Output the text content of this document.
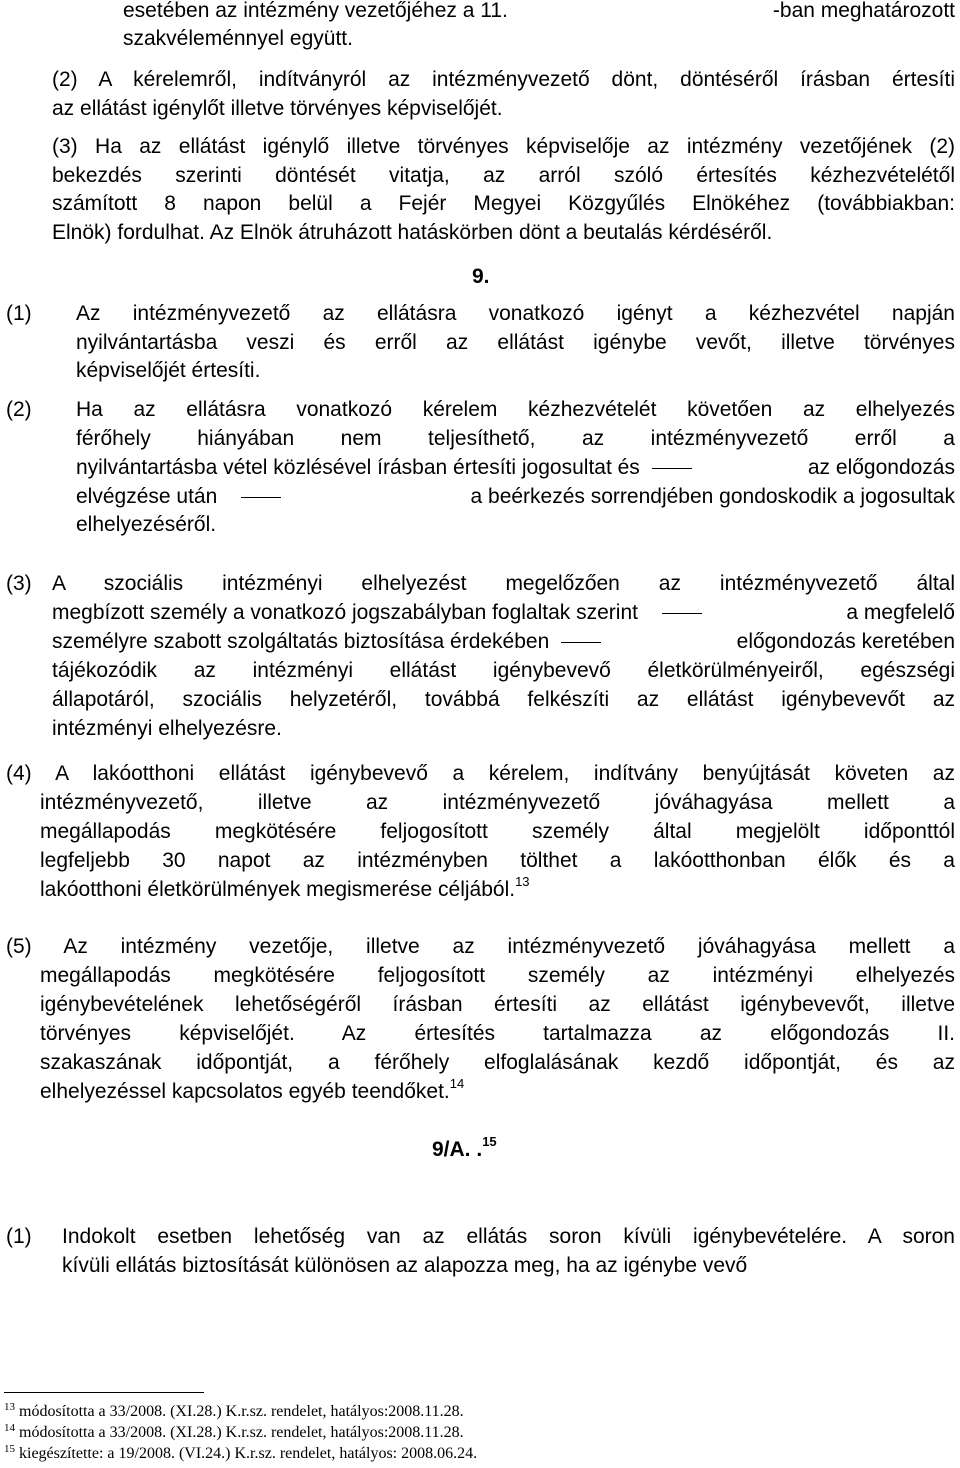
esetében az intézmény vezetőjéhez a 11.	-ban meghatározott
szakvéleménnyel együtt.
(2) A kérelemről, indítványról az intézményvezető dönt, döntéséről írásban értesíti
az ellátást igénylőt illetve törvényes képviselőjét.
(3) Ha az ellátást igénylő illetve törvényes képviselője az intézmény vezetőjének (2)
bekezdés szerinti döntését vitatja, az arról szóló értesítés kézhezvételétől
számított 8 napon belül a Fejér Megyei Közgyűlés Elnökéhez (továbbiakban:
Elnök) fordulhat. Az Elnök átruházott hatáskörben dönt a beutalás kérdéséről.
9.
(1) Az intézményvezető az ellátásra vonatkozó igényt a kézhezvétel napján
nyilvántartásba veszi és erről az ellátást igénybe vevőt, illetve törvényes
képviselőjét értesíti.
(2) Ha az ellátásra vonatkozó kérelem kézhezvételét követően az elhelyezés
férőhely hiányában nem teljesíthető, az intézményvezető erről a
nyilvántartásba vétel közlésével írásban értesíti jogosultat és	az előgondozás
elvégzése után	a beérkezés sorrendjében gondoskodik a jogosultak
elhelyezéséről.
(3) A szociális intézményi elhelyezést megelőzően az intézményvezető által
megbízott személy a vonatkozó jogszabályban foglaltak szerint	a megfelelő
személyre szabott szolgáltatás biztosítása érdekében	előgondozás keretében
tájékozódik az intézményi ellátást igénybevevő életkörülményeiről, egészségi
állapotáról, szociális helyzetéről, továbbá felkészíti az ellátást igénybevevőt az
intézményi elhelyezésre.
(4) A lakóotthoni ellátást igénybevevő a kérelem, indítvány benyújtását követen az
intézményvezető, illetve az intézményvezető jóváhagyása mellett a
megállapodás megkötésére feljogosított személy által megjelölt időponttól
legfeljebb 30 napot az intézményben tölthet a lakóotthonban élők és a
lakóotthoni életkörülmények megismerése céljából.$^{13}$
(5) Az intézmény vezetője, illetve az intézményvezető jóváhagyása mellett a
megállapodás megkötésére feljogosított személy az intézményi elhelyezés
igénybevételének lehetőségéről írásban értesíti az ellátást igénybevevőt, illetve
törvényes képviselőjét. Az értesítés tartalmazza az előgondozás II.
szakaszának időpontját, a férőhely elfoglalásának kezdő időpontját, és az
elhelyezéssel kapcsolatos egyéb teendőket.$^{14}$
9/A. .$^{15}$
(1) Indokolt esetben lehetőség van az ellátás soron kívüli igénybevételére. A soron
kívüli ellátás biztosítását különösen az alapozza meg, ha az igénybe vevő
$^{13}$ módosította a 33/2008. (XI.28.) K.r.sz. rendelet, hatályos:2008.11.28.
$^{14}$ módosította a 33/2008. (XI.28.) K.r.sz. rendelet, hatályos:2008.11.28.
$^{15}$ kiegészítette: a 19/2008. (VI.24.) K.r.sz. rendelet, hatályos: 2008.06.24.
